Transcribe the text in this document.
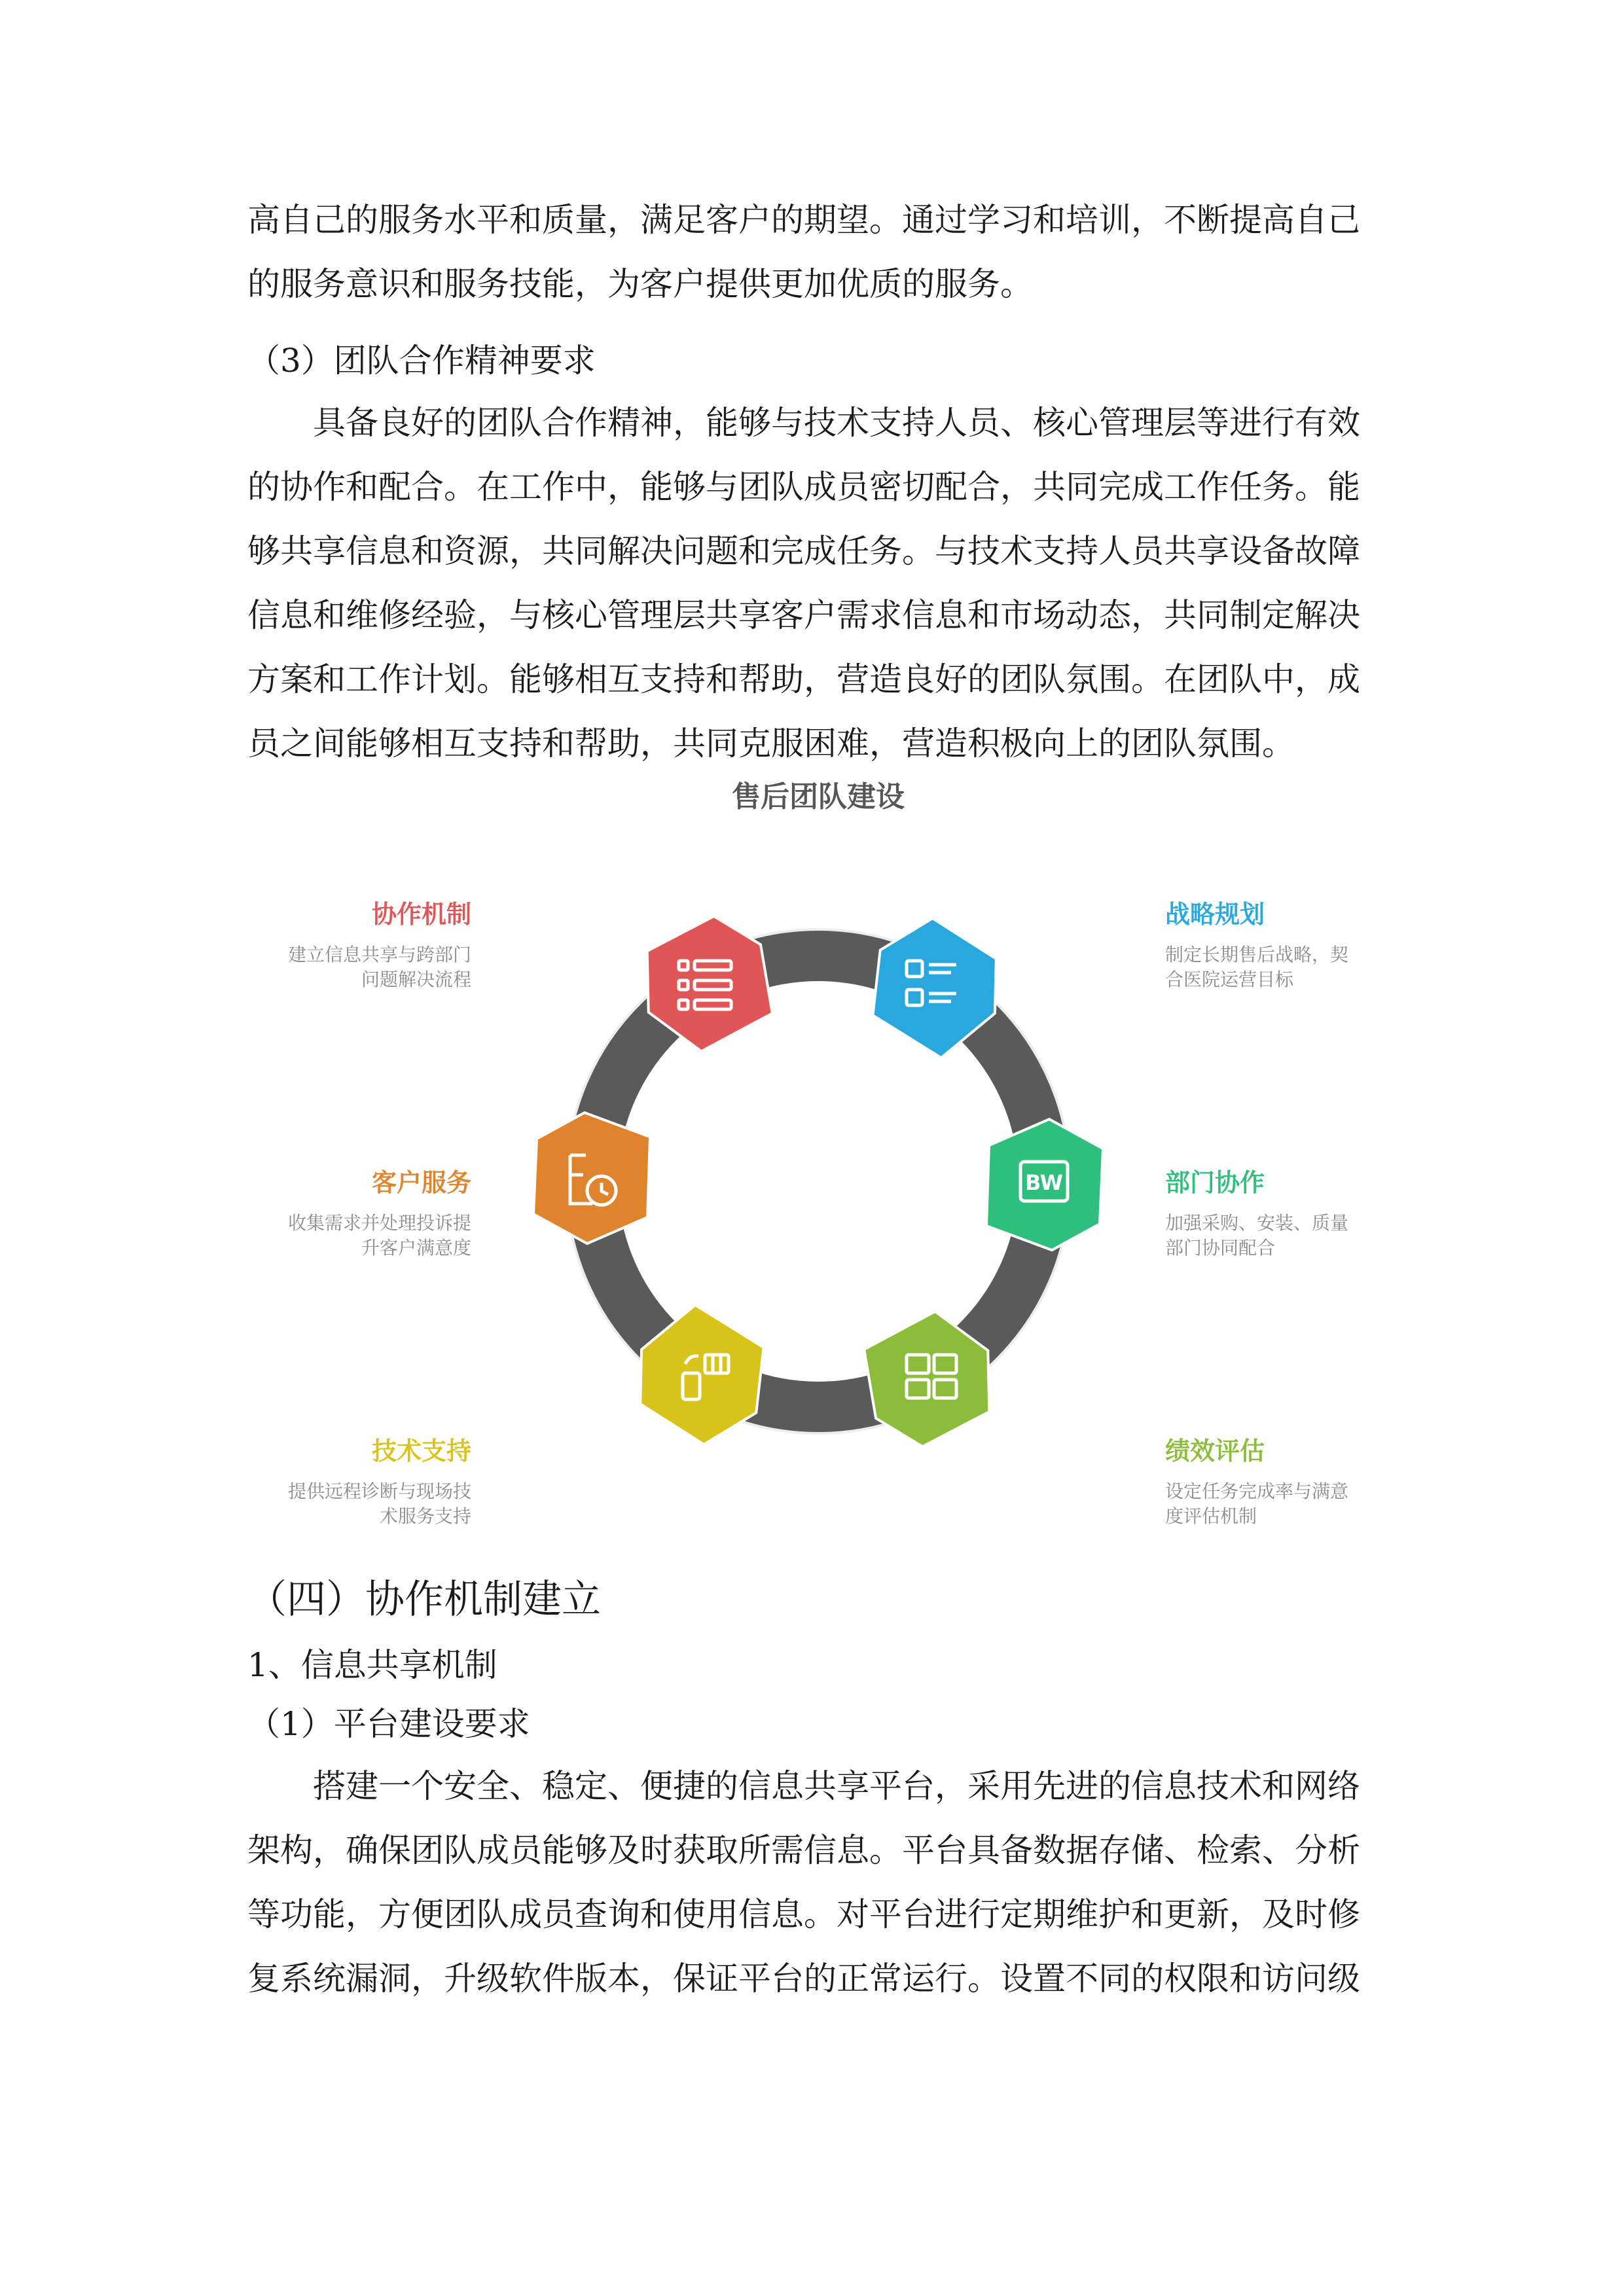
高自己的服务水平和质量，满足客户的期望。通过学习和培训，不断提高自己的服务意识和服务技能，为客户提供更加优质的服务。

（3）团队合作精神要求

具备良好的团队合作精神，能够与技术支持人员、核心管理层等进行有效的协作和配合。在工作中，能够与团队成员密切配合，共同完成工作任务。能够共享信息和资源，共同解决问题和完成任务。与技术支持人员共享设备故障信息和维修经验，与核心管理层共享客户需求信息和市场动态，共同制定解决方案和工作计划。能够相互支持和帮助，营造良好的团队氛围。在团队中，成员之间能够相互支持和帮助，共同克服困难，营造积极向上的团队氛围。

售后团队建设
BW
战略规划
制定长期售后战略，契
合医院运营目标
部门协作
加强采购、安装、质量
部门协同配合
绩效评估
设定任务完成率与满意
度评估机制
协作机制
建立信息共享与跨部门
问题解决流程
客户服务
收集需求并处理投诉提
升客户满意度
技术支持
提供远程诊断与现场技
术服务支持

（四）协作机制建立

1、信息共享机制

（1）平台建设要求

搭建一个安全、稳定、便捷的信息共享平台，采用先进的信息技术和网络架构，确保团队成员能够及时获取所需信息。平台具备数据存储、检索、分析等功能，方便团队成员查询和使用信息。对平台进行定期维护和更新，及时修复系统漏洞，升级软件版本，保证平台的正常运行。设置不同的权限和访问级
